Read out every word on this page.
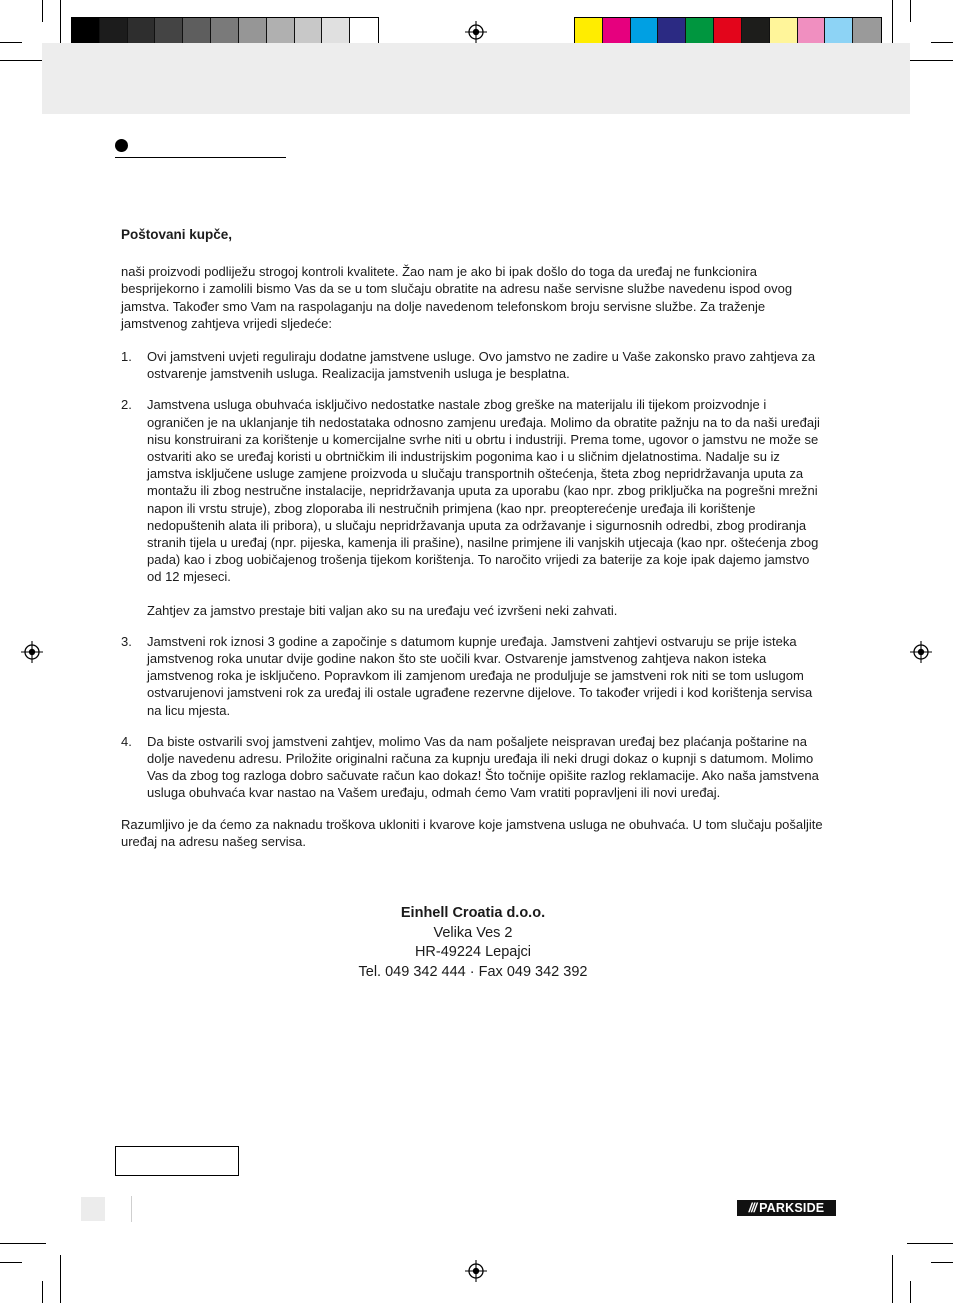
Poštovani kupče,

naši proizvodi podliježu strogoj kontroli kvalitete. Žao nam je ako bi ipak došlo do toga da uređaj ne funkcionira besprijekorno i zamolili bismo Vas da se u tom slučaju obratite na adresu naše servisne službe navedenu ispod ovog jamstva. Također smo Vam na raspolaganju na dolje navedenom telefonskom broju servisne službe. Za traženje jamstvenog zahtjeva vrijedi sljedeće:

1. Ovi jamstveni uvjeti reguliraju dodatne jamstvene usluge. Ovo jamstvo ne zadire u Vaše zakonsko pravo zahtjeva za ostvarenje jamstvenih usluga. Realizacija jamstvenih usluga je besplatna.

2. Jamstvena usluga obuhvaća isključivo nedostatke nastale zbog greške na materijalu ili tijekom proizvodnje i ograničen je na uklanjanje tih nedostataka odnosno zamjenu uređaja. Molimo da obratite pažnju na to da naši uređaji nisu konstruirani za korištenje u komercijalne svrhe niti u obrtu i industriji. Prema tome, ugovor o jamstvu ne može se ostvariti ako se uređaj koristi u obrtničkim ili industrijskim pogonima kao i u sličnim djelatnostima. Nadalje su iz jamstva isključene usluge zamjene proizvoda u slučaju transportnih oštećenja, šteta zbog nepridržavanja uputa za montažu ili zbog nestručne instalacije, nepridržavanja uputa za uporabu (kao npr. zbog priključka na pogrešni mrežni napon ili vrstu struje), zbog zloporaba ili nestručnih primjena (kao npr. preopterećenje uređaja ili korištenje nedopuštenih alata ili pribora), u slučaju nepridržavanja uputa za održavanje i sigurnosnih odredbi, zbog prodiranja stranih tijela u uređaj (npr. pijeska, kamenja ili prašine), nasilne primjene ili vanjskih utjecaja (kao npr. oštećenja zbog pada) kao i zbog uobičajenog trošenja tijekom korištenja. To naročito vrijedi za baterije za koje ipak dajemo jamstvo od 12 mjeseci.

Zahtjev za jamstvo prestaje biti valjan ako su na uređaju već izvršeni neki zahvati.

3. Jamstveni rok iznosi 3 godine a započinje s datumom kupnje uređaja. Jamstveni zahtjevi ostvaruju se prije isteka jamstvenog roka unutar dvije godine nakon što ste uočili kvar. Ostvarenje jamstvenog zahtjeva nakon isteka jamstvenog roka je isključeno. Popravkom ili zamjenom uređaja ne produljuje se jamstveni rok niti se tom uslugom ostvarujenovi jamstveni rok za uređaj ili ostale ugrađene rezervne dijelove. To također vrijedi i kod korištenja servisa na licu mjesta.

4. Da biste ostvarili svoj jamstveni zahtjev, molimo Vas da nam pošaljete neispravan uređaj bez plaćanja poštarine na dolje navedenu adresu. Priložite originalni računa za kupnju uređaja ili neki drugi dokaz o kupnji s datumom. Molimo Vas da zbog tog razloga dobro sačuvate račun kao dokaz! Što točnije opišite razlog reklamacije. Ako naša jamstvena usluga obuhvaća kvar nastao na Vašem uređaju, odmah ćemo Vam vratiti popravljeni ili novi uređaj.

Razumljivo je da ćemo za naknadu troškova ukloniti i kvarove koje jamstvena usluga ne obuhvaća. U tom slučaju pošaljite uređaj na adresu našeg servisa.

Einhell Croatia d.o.o.
Velika Ves 2
HR-49224 Lepajci
Tel. 049 342 444 · Fax 049 342 392
/// PARKSIDE
